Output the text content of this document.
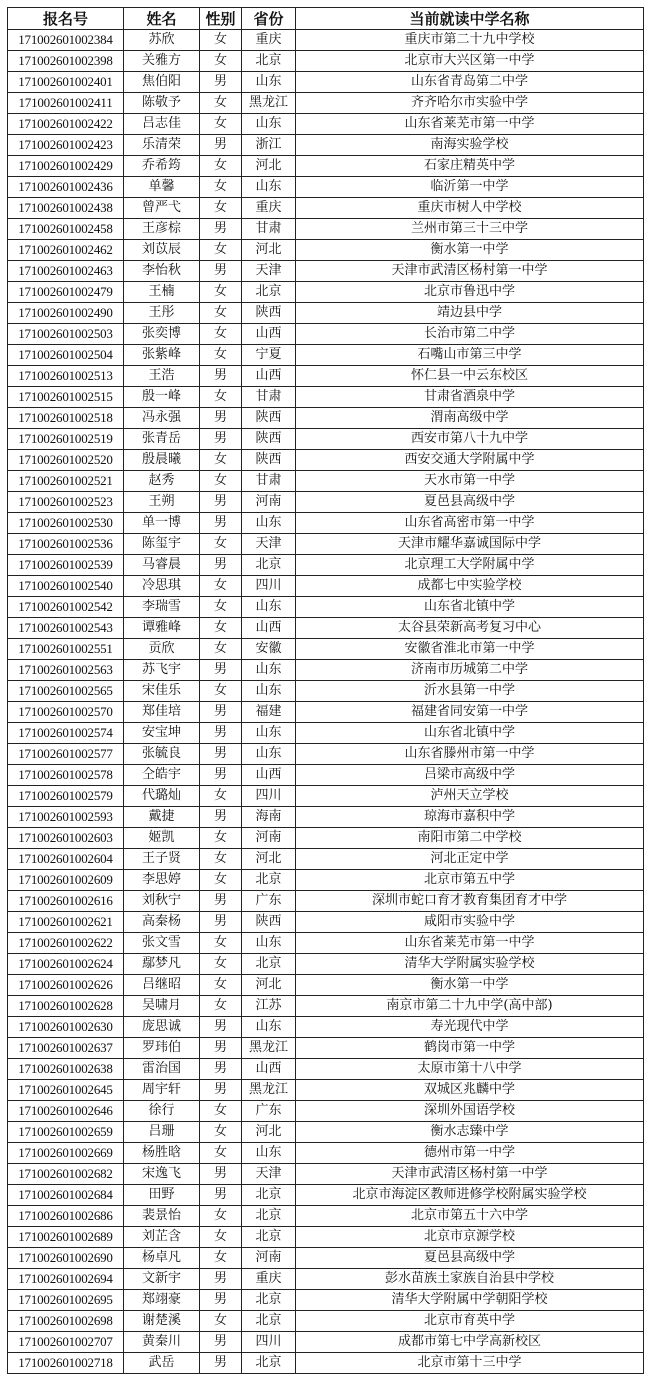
报名号	姓名	性别	省份	当前就读中学名称
171002601002384	苏欣	女	重庆	重庆市第二十九中学校
171002601002398	关雅方	女	北京	北京市大兴区第一中学
171002601002401	焦伯阳	男	山东	山东省青岛第二中学
171002601002411	陈敬予	女	黑龙江	齐齐哈尔市实验中学
171002601002422	吕志佳	女	山东	山东省莱芜市第一中学
171002601002423	乐清荣	男	浙江	南海实验学校
171002601002429	乔希筠	女	河北	石家庄精英中学
171002601002436	单馨	女	山东	临沂第一中学
171002601002438	曾严弋	女	重庆	重庆市树人中学校
171002601002458	王彦棕	男	甘肃	兰州市第三十三中学
171002601002462	刘苡辰	女	河北	衡水第一中学
171002601002463	李怡秋	男	天津	天津市武清区杨村第一中学
171002601002479	王楠	女	北京	北京市鲁迅中学
171002601002490	王彤	女	陕西	靖边县中学
171002601002503	张奕博	女	山西	长治市第二中学
171002601002504	张紫峰	女	宁夏	石嘴山市第三中学
171002601002513	王浩	男	山西	怀仁县一中云东校区
171002601002515	殷一峰	女	甘肃	甘肃省酒泉中学
171002601002518	冯永强	男	陕西	渭南高级中学
171002601002519	张青岳	男	陕西	西安市第八十九中学
171002601002520	殷晨曦	女	陕西	西安交通大学附属中学
171002601002521	赵秀	女	甘肃	天水市第一中学
171002601002523	王朔	男	河南	夏邑县高级中学
171002601002530	单一博	男	山东	山东省高密市第一中学
171002601002536	陈玺宇	女	天津	天津市耀华嘉诚国际中学
171002601002539	马睿晨	男	北京	北京理工大学附属中学
171002601002540	冷思琪	女	四川	成都七中实验学校
171002601002542	李瑞雪	女	山东	山东省北镇中学
171002601002543	谭雅峰	女	山西	太谷县荣新高考复习中心
171002601002551	贡欣	女	安徽	安徽省淮北市第一中学
171002601002563	苏飞宇	男	山东	济南市历城第二中学
171002601002565	宋佳乐	女	山东	沂水县第一中学
171002601002570	郑佳培	男	福建	福建省同安第一中学
171002601002574	安宝坤	男	山东	山东省北镇中学
171002601002577	张毓良	男	山东	山东省滕州市第一中学
171002601002578	仝皓宇	男	山西	吕梁市高级中学
171002601002579	代璐灿	女	四川	泸州天立学校
171002601002593	戴捷	男	海南	琼海市嘉积中学
171002601002603	姬凯	女	河南	南阳市第二中学校
171002601002604	王子贤	女	河北	河北正定中学
171002601002609	李思婷	女	北京	北京市第五中学
171002601002616	刘秋宁	男	广东	深圳市蛇口育才教育集团育才中学
171002601002621	高秦杨	男	陕西	咸阳市实验中学
171002601002622	张文雪	女	山东	山东省莱芜市第一中学
171002601002624	鄢梦凡	女	北京	清华大学附属实验学校
171002601002626	吕继昭	女	河北	衡水第一中学
171002601002628	吴啸月	女	江苏	南京市第二十九中学(高中部)
171002601002630	庞思诚	男	山东	寿光现代中学
171002601002637	罗玮伯	男	黑龙江	鹤岗市第一中学
171002601002638	雷治国	男	山西	太原市第十八中学
171002601002645	周宇轩	男	黑龙江	双城区兆麟中学
171002601002646	徐行	女	广东	深圳外国语学校
171002601002659	吕珊	女	河北	衡水志臻中学
171002601002669	杨胜晗	女	山东	德州市第一中学
171002601002682	宋逸飞	男	天津	天津市武清区杨村第一中学
171002601002684	田野	男	北京	北京市海淀区教师进修学校附属实验学校
171002601002686	裴景怡	女	北京	北京市第五十六中学
171002601002689	刘芷含	女	北京	北京市京源学校
171002601002690	杨卓凡	女	河南	夏邑县高级中学
171002601002694	文新宇	男	重庆	彭水苗族土家族自治县中学校
171002601002695	郑翊豪	男	北京	清华大学附属中学朝阳学校
171002601002698	谢楚溪	女	北京	北京市育英中学
171002601002707	黄秦川	男	四川	成都市第七中学高新校区
171002601002718	武岳	男	北京	北京市第十三中学
